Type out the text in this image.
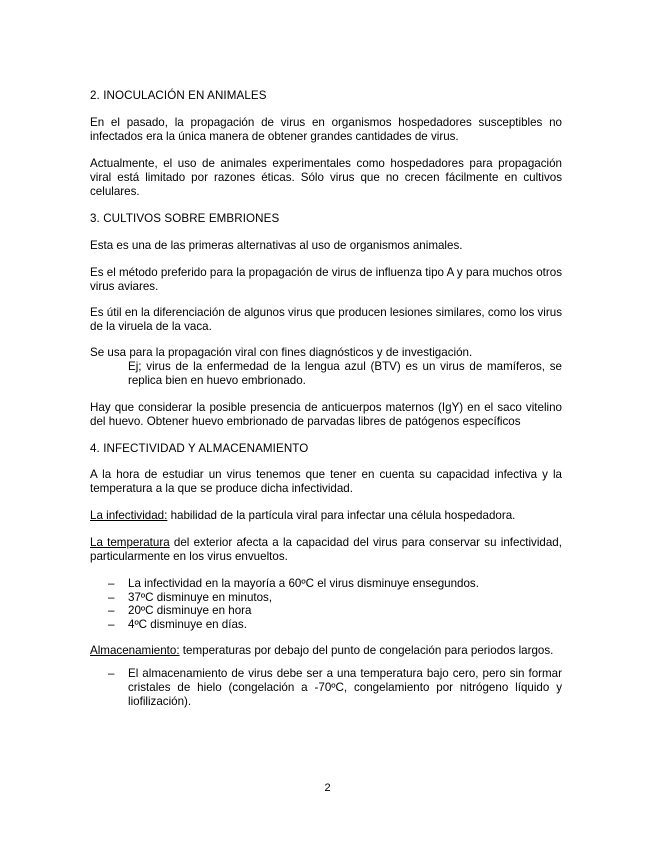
2. INOCULACIÓN EN ANIMALES
En el pasado, la propagación de virus en organismos hospedadores susceptibles no infectados era la única manera de obtener grandes cantidades de virus.
Actualmente, el uso de animales experimentales como hospedadores para propagación viral está limitado por razones éticas. Sólo virus que no crecen fácilmente en cultivos celulares.
3. CULTIVOS SOBRE EMBRIONES
Esta es una de las primeras alternativas al uso de organismos animales.
Es el método preferido para la propagación de virus de influenza tipo A y para muchos otros virus aviares.
Es útil en la diferenciación de algunos virus que producen lesiones similares, como los virus de la viruela de la vaca.
Se usa para la propagación viral con fines diagnósticos y de investigación.
Ej; virus de la enfermedad de la lengua azul (BTV) es un virus de mamíferos, se replica bien en huevo embrionado.
Hay que considerar la posible presencia de anticuerpos maternos (IgY) en el saco vitelino del huevo. Obtener huevo embrionado de parvadas libres de patógenos específicos
4. INFECTIVIDAD Y ALMACENAMIENTO
A la hora de estudiar un virus tenemos que tener en cuenta su capacidad infectiva y la temperatura a la que se produce dicha infectividad.
La infectividad: habilidad de la partícula viral para infectar una célula hospedadora.
La temperatura del exterior afecta a la capacidad del virus para conservar su infectividad, particularmente en los virus envueltos.
– La infectividad en la mayoría a 60ºC el virus disminuye ensegundos.
– 37ºC disminuye en minutos,
– 20ºC disminuye en hora
– 4ºC disminuye en días.
Almacenamiento: temperaturas por debajo del punto de congelación para periodos largos.
– El almacenamiento de virus debe ser a una temperatura bajo cero, pero sin formar cristales de hielo (congelación a -70ºC, congelamiento por nitrógeno líquido y liofilización).
2
